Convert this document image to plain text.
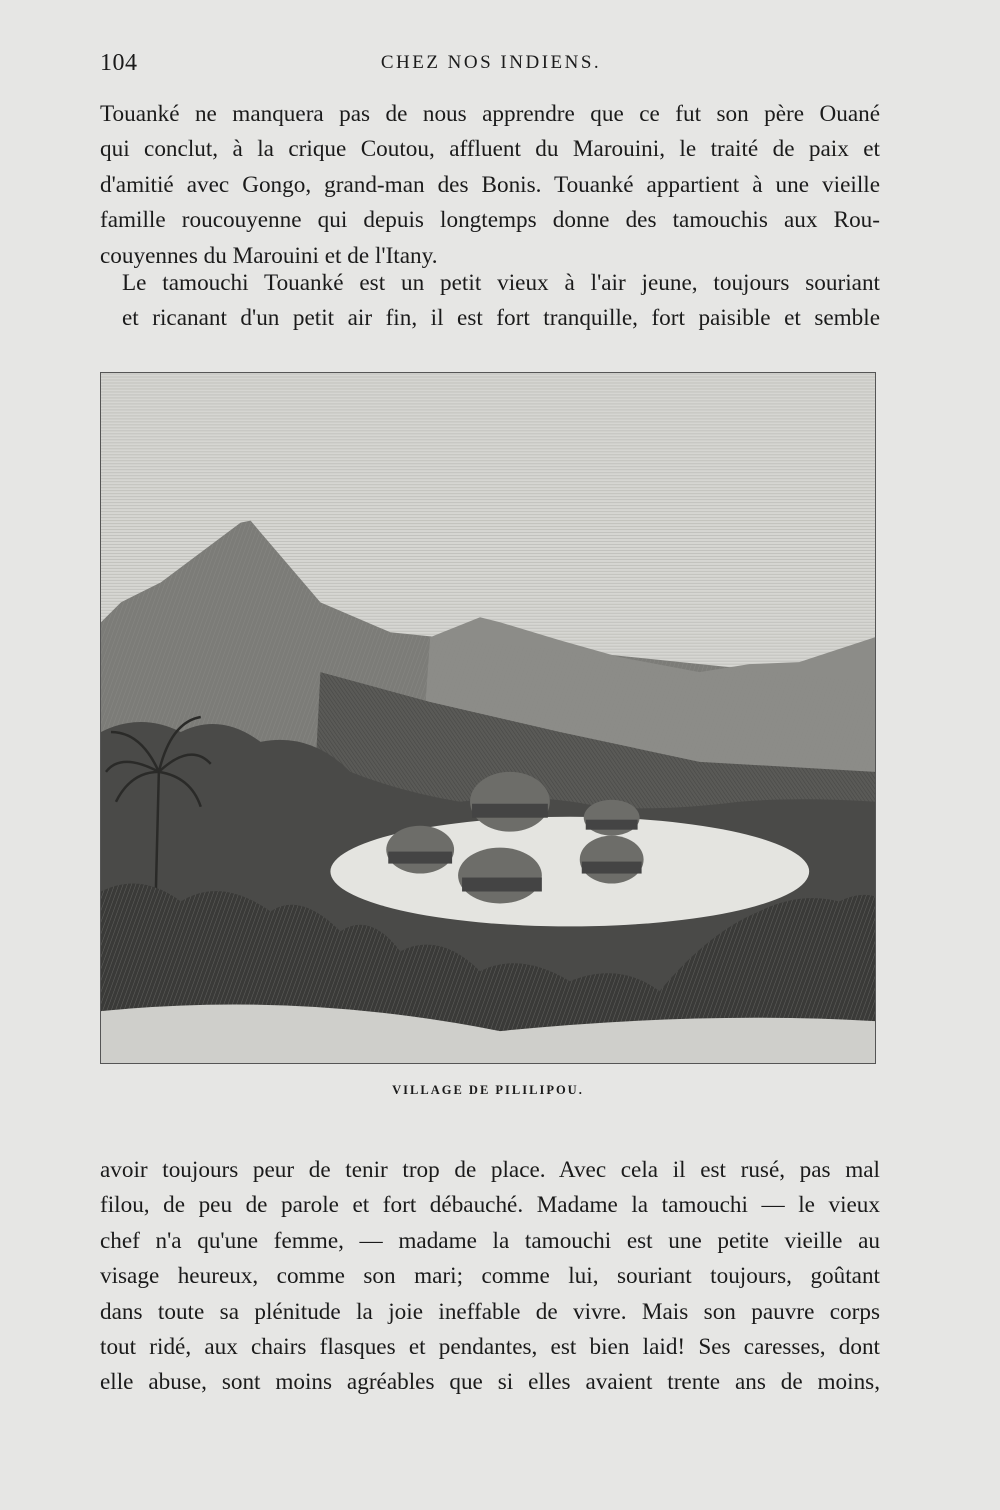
104	CHEZ NOS INDIENS.

Touanké ne manquera pas de nous apprendre que ce fut son père Ouané
qui conclut, à la crique Coutou, affluent du Marouini, le traité de paix et
d'amitié avec Gongo, grand-man des Bonis. Touanké appartient à une vieille
famille roucouyenne qui depuis longtemps donne des tamouchis aux Rou-
couyennes du Marouini et de l'Itany.

Le tamouchi Touanké est un petit vieux à l'air jeune, toujours souriant
et ricanant d'un petit air fin, il est fort tranquille, fort paisible et semble

VILLAGE DE PILILIPOU.

avoir toujours peur de tenir trop de place. Avec cela il est rusé, pas mal
filou, de peu de parole et fort débauché. Madame la tamouchi — le vieux
chef n'a qu'une femme, — madame la tamouchi est une petite vieille au
visage heureux, comme son mari; comme lui, souriant toujours, goûtant
dans toute sa plénitude la joie ineffable de vivre. Mais son pauvre corps
tout ridé, aux chairs flasques et pendantes, est bien laid! Ses caresses, dont
elle abuse, sont moins agréables que si elles avaient trente ans de moins,
